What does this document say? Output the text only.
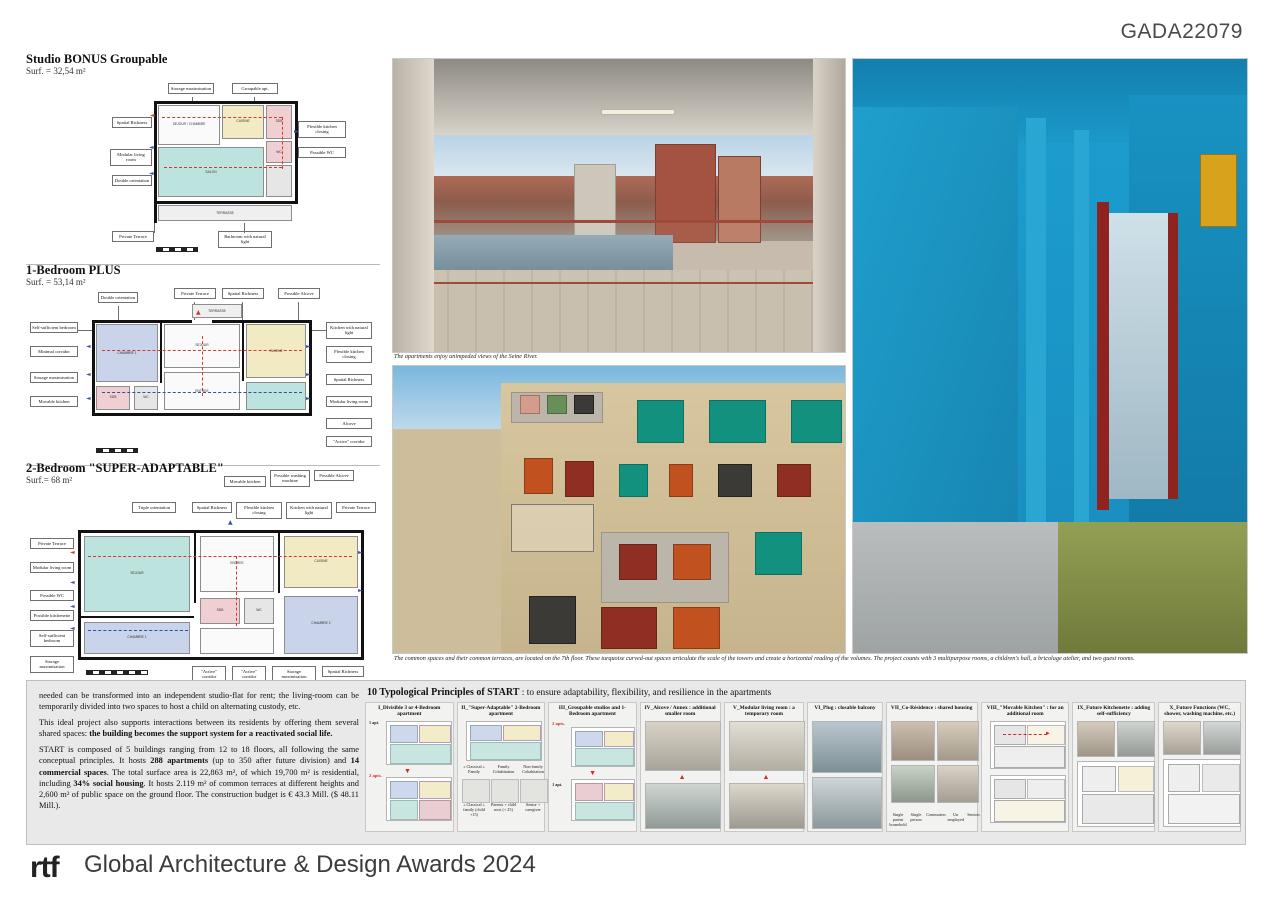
GADA22079
Studio BONUS Groupable
Surf. = 32,54 m²
Storage maximisation	Groupable apt.
Spatial Richness
Flexible kitchen closing
Possible WC
Modular living room
Double orientation
Private Terrace	Bathroom with natural light
SEJOUR / CHAMBRE
CUISINE	SDB
SALON
WC
TERRASSE
◄
◄
◄
►
1-Bedroom PLUS
Surf. = 53,14 m²
Double orientation
Private Terrace	Spatial Richness	Possible Alcove
Self-sufficient bedroom	Kitchen with natural light
Minimal corridor	Flexible kitchen closing
Storage maximisation	Spatial Richness
Movable kitchen	Modular living room
Alcove
"Active" corridor
CHAMBRE 1
SEJOUR
CUISINE
SDB	WC
ENTREE
TERRASSE
◄
◄
◄
►
►
►
▲
2-Bedroom "SUPER-ADAPTABLE"
Surf.= 68 m²	Movable kitchen
Possible washing machine
Possible Alcove
Triple orientation	Spatial Richness	Flexible kitchen closing
Kitchen with natural light
Private Terrace
Private Terrace
Modular living room
Possible WC
Possible kitchenette
Self-sufficient bedroom
Storage maximisation
"Active" corridor
"Active" corridor
Storage maximisation
Spatial Richness
SEJOUR
ENTREE	CUISINE
CHAMBRE 1
CHAMBRE 2
SDB	WC
◄
◄
◄
◄
►
►
▲
The apartments enjoy unimpeded views of the Seine River.
The common spaces and their common terraces, are located on the 7th floor. These turquoise curved-out spaces articulate the scale of the towers and create a horizontal reading of the volumes. The project counts with 3 multipurpose rooms, a children's hall, a bricolage atelier, and two guest rooms.

needed can be transformed into an independent studio-flat for rent; the living-room can be temporarily divided into two spaces to host a child on alternating custody, etc.

This ideal project also supports interactions between its residents by offering them several shared spaces: the building becomes the support system for a reactivated social life.

START is composed of 5 buildings ranging from 12 to 18 floors, all following the same conceptual principles. It hosts 288 apartments (up to 350 after future division) and 14 commercial spaces. The total surface area is 22,863 m², of which 19,700 m² is residential, including 34% social housing. It hosts 2.119 m² of common terraces at different heights and 2,600 m² of public space on the ground floor. The construction budget is € 43.3 Mill. ($ 48.11 Mill.).

10 Typological Principles of START : to ensure adaptability, flexibility, and resilience in the apartments
I_Divisible 3 or 4-Bedroom apartment
1 apt.
2 apts.
▼
II_"Super-Adaptable" 2-Bedroom apartment
« Classical » Family
Family Cohabitation
Non-family Cohabitation
« Classical » family (child +15)
Parents + child next (+ 25)
Senior + caregiver
III_Groupable studios and 1-Bedroom apartment
2 apts.
1 apt.
▼
IV_Alcove / Annex : additional smaller room
▲
V_Modular living room : a temporary room
▲
VI_Plug : closable balcony	VII_Co-Résidence : shared housing
Single parent household
Single person
Commuters	Un employed
Seniors
VIII_"Movable Kitchen" : for an additional room
►
IX_Future Kitchenette : adding self-sufficiency
X_Future Functions (WC, shower, washing machine, etc.)
rtf Global Architecture & Design Awards 2024
